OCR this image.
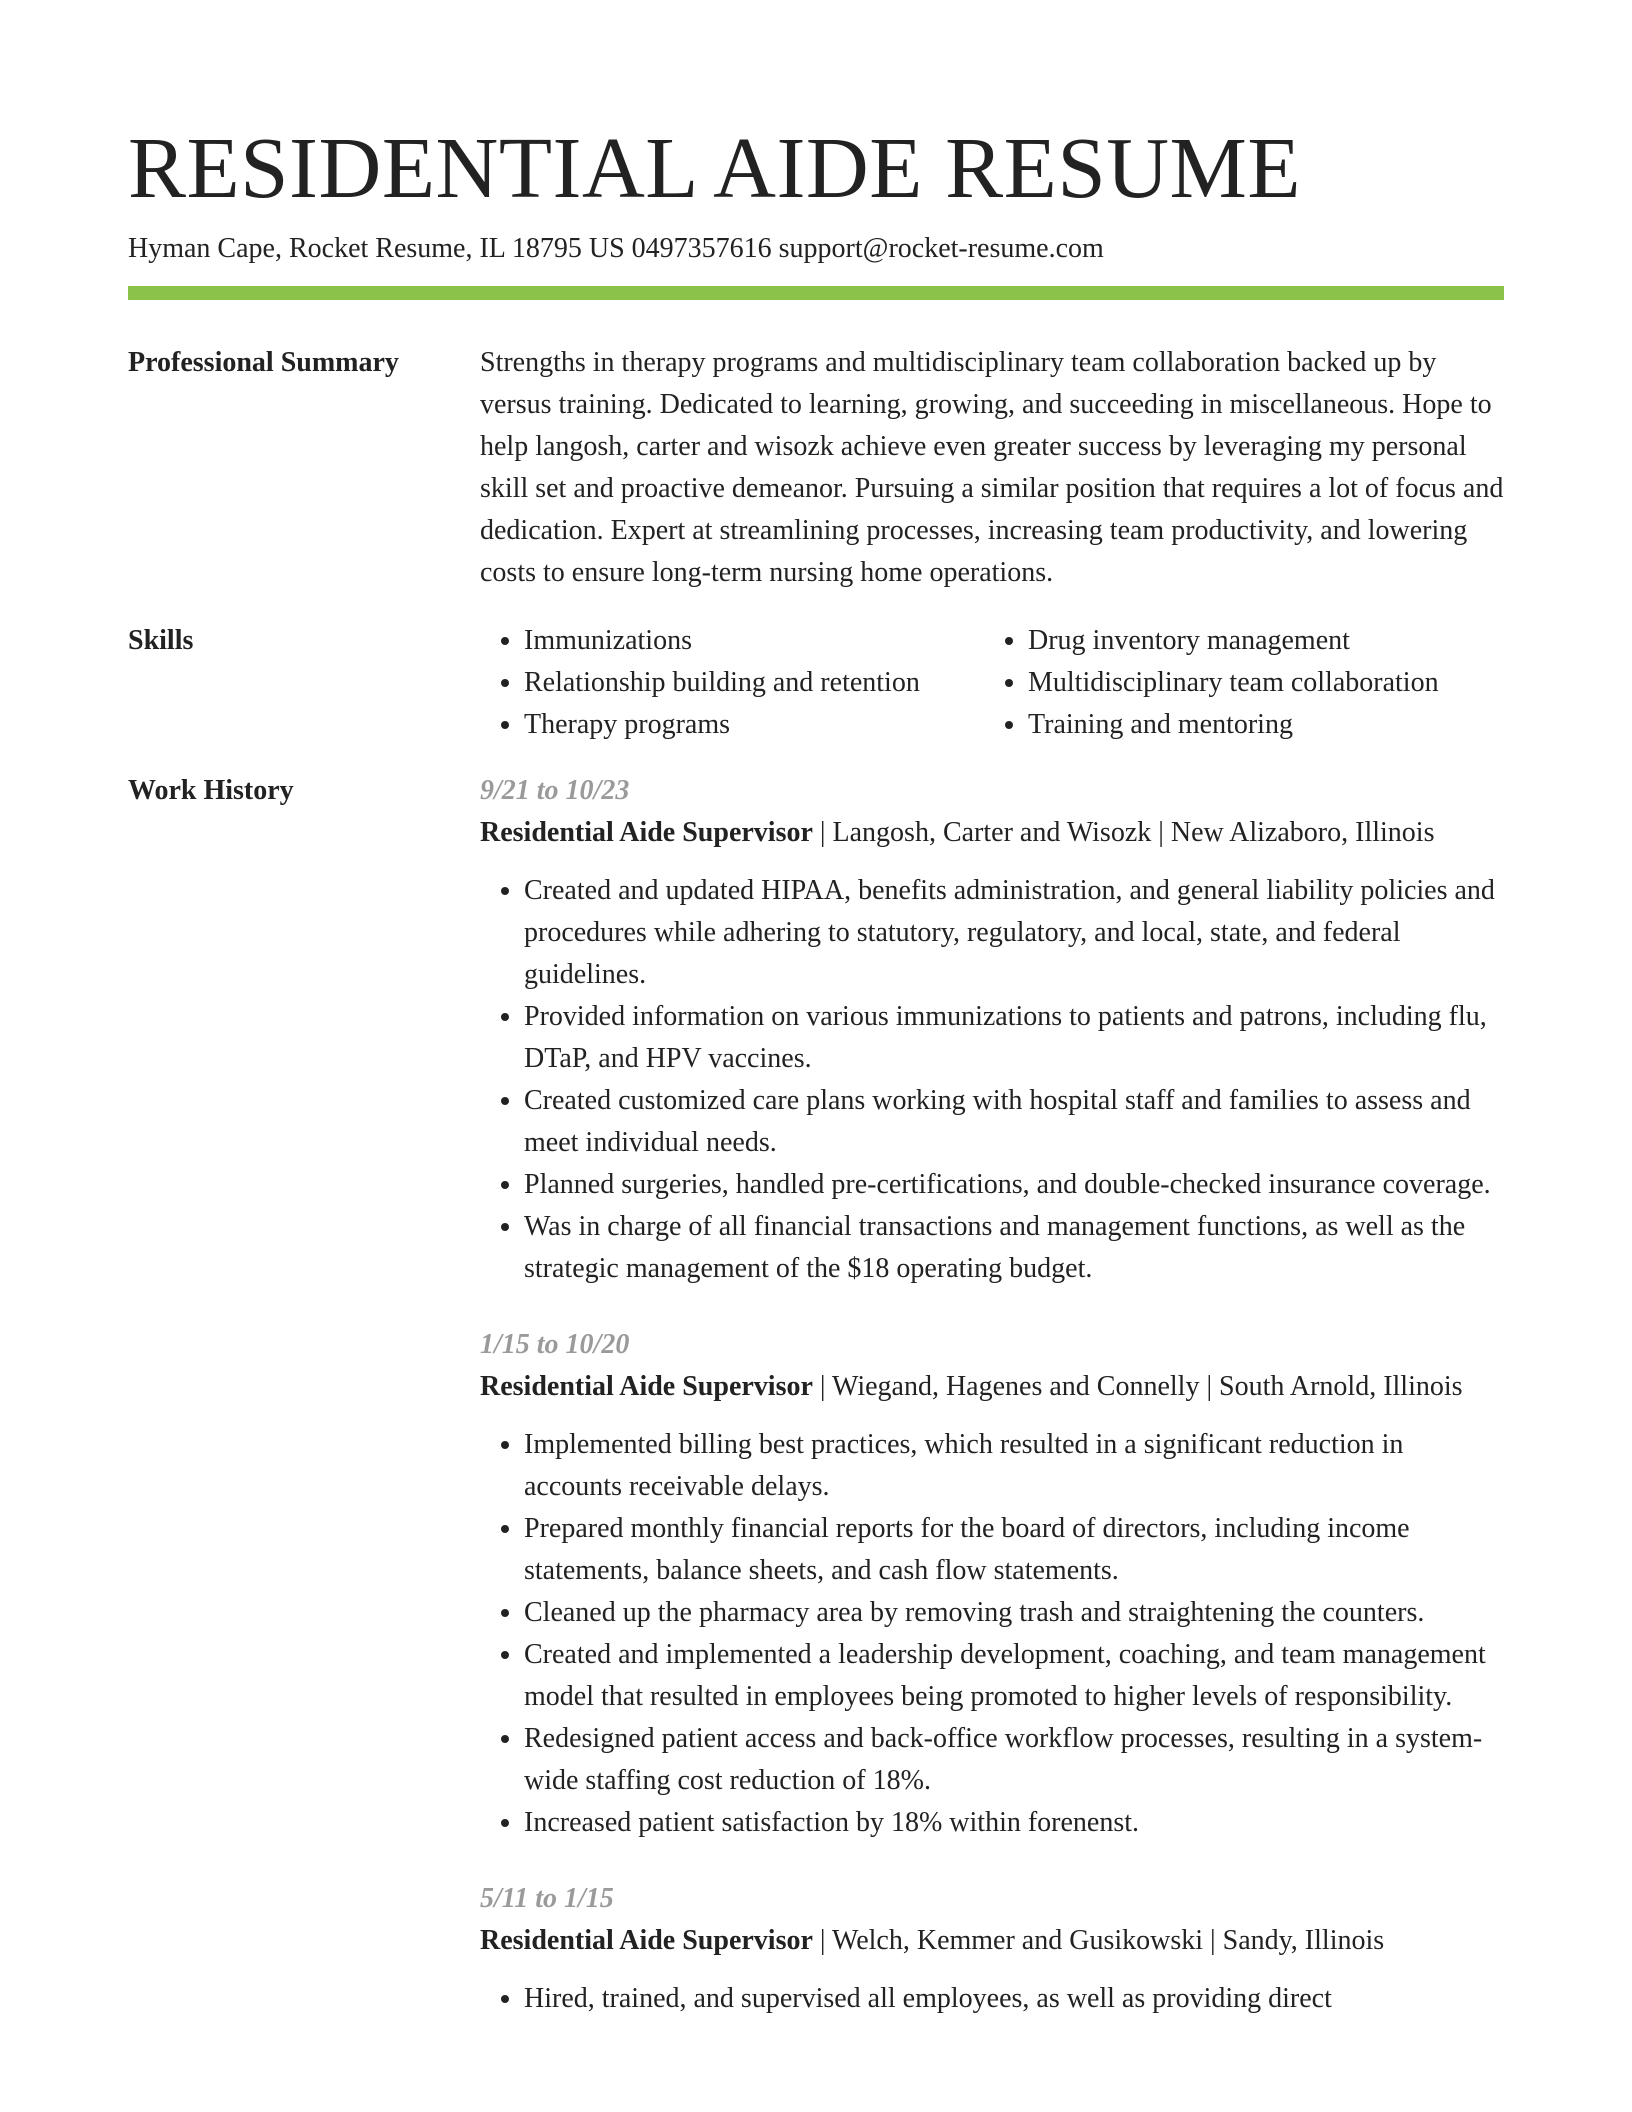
RESIDENTIAL AIDE RESUME
Hyman Cape, Rocket Resume, IL 18795 US 0497357616 support@rocket-resume.com
Professional Summary	Strengths in therapy programs and multidisciplinary team collaboration backed up by versus training. Dedicated to learning, growing, and succeeding in miscellaneous. Hope to help langosh, carter and wisozk achieve even greater success by leveraging my personal skill set and proactive demeanor. Pursuing a similar position that requires a lot of focus and dedication. Expert at streamlining processes, increasing team productivity, and lowering costs to ensure long-term nursing home operations.

Skills
•	Immunizations
• Relationship building and retention
• Therapy programs
• Drug inventory management
• Multidisciplinary team collaboration
• Training and mentoring
Work History	9/21 to 10/23
Residential Aide Supervisor | Langosh, Carter and Wisozk | New Alizaboro, Illinois
• Created and updated HIPAA, benefits administration, and general liability policies and procedures while adhering to statutory, regulatory, and local, state, and federal guidelines.
• Provided information on various immunizations to patients and patrons, including flu, DTaP, and HPV vaccines.
• Created customized care plans working with hospital staff and families to assess and meet individual needs.
• Planned surgeries, handled pre-certifications, and double-checked insurance coverage.
• Was in charge of all financial transactions and management functions, as well as the strategic management of the $18 operating budget.
1/15 to 10/20
Residential Aide Supervisor | Wiegand, Hagenes and Connelly | South Arnold, Illinois
• Implemented billing best practices, which resulted in a significant reduction in accounts receivable delays.
• Prepared monthly financial reports for the board of directors, including income statements, balance sheets, and cash flow statements.
• Cleaned up the pharmacy area by removing trash and straightening the counters.
• Created and implemented a leadership development, coaching, and team management model that resulted in employees being promoted to higher levels of responsibility.
• Redesigned patient access and back-office workflow processes, resulting in a system-wide staffing cost reduction of 18%.
• Increased patient satisfaction by 18% within forenenst.
5/11 to 1/15
Residential Aide Supervisor | Welch, Kemmer and Gusikowski | Sandy, Illinois
• Hired, trained, and supervised all employees, as well as providing direct
